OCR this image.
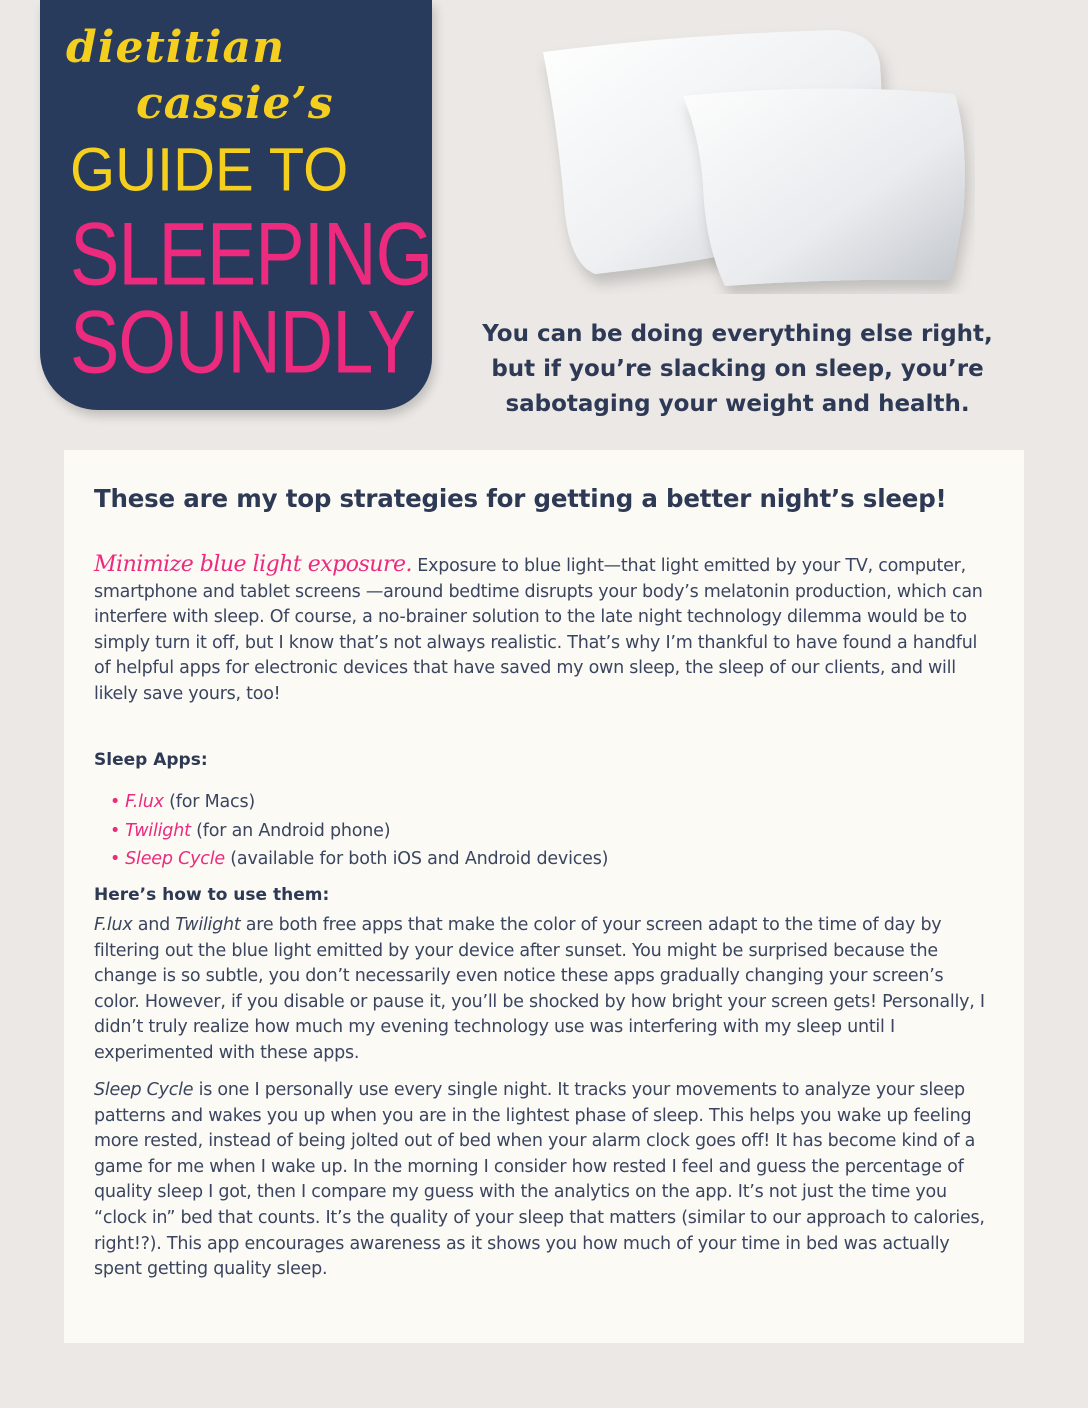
dietitian
cassie’s
GUIDE TO
SLEEPING
SOUNDLY	You can be doing everything else right, but if you’re slacking on sleep, you’re sabotaging your weight and health.
These are my top strategies for getting a better night’s sleep!
Minimize blue light exposure. Exposure to blue light—that light emitted by your TV, computer, smartphone and tablet screens —around bedtime disrupts your body’s melatonin production, which can interfere with sleep. Of course, a no-brainer solution to the late night technology dilemma would be to simply turn it off, but I know that’s not always realistic. That’s why I’m thankful to have found a handful of helpful apps for electronic devices that have saved my own sleep, the sleep of our clients, and will likely save yours, too!
Sleep Apps:
• F.lux (for Macs)
• Twilight (for an Android phone)
• Sleep Cycle (available for both iOS and Android devices)
Here’s how to use them:
F.lux and Twilight are both free apps that make the color of your screen adapt to the time of day by filtering out the blue light emitted by your device after sunset. You might be surprised because the change is so subtle, you don’t necessarily even notice these apps gradually changing your screen’s color. However, if you disable or pause it, you’ll be shocked by how bright your screen gets! Personally, I didn’t truly realize how much my evening technology use was interfering with my sleep until I experimented with these apps.
Sleep Cycle is one I personally use every single night. It tracks your movements to analyze your sleep patterns and wakes you up when you are in the lightest phase of sleep. This helps you wake up feeling more rested, instead of being jolted out of bed when your alarm clock goes off! It has become kind of a game for me when I wake up. In the morning I consider how rested I feel and guess the percentage of quality sleep I got, then I compare my guess with the analytics on the app. It’s not just the time you “clock in” bed that counts. It’s the quality of your sleep that matters (similar to our approach to calories, right!?). This app encourages awareness as it shows you how much of your time in bed was actually spent getting quality sleep.
